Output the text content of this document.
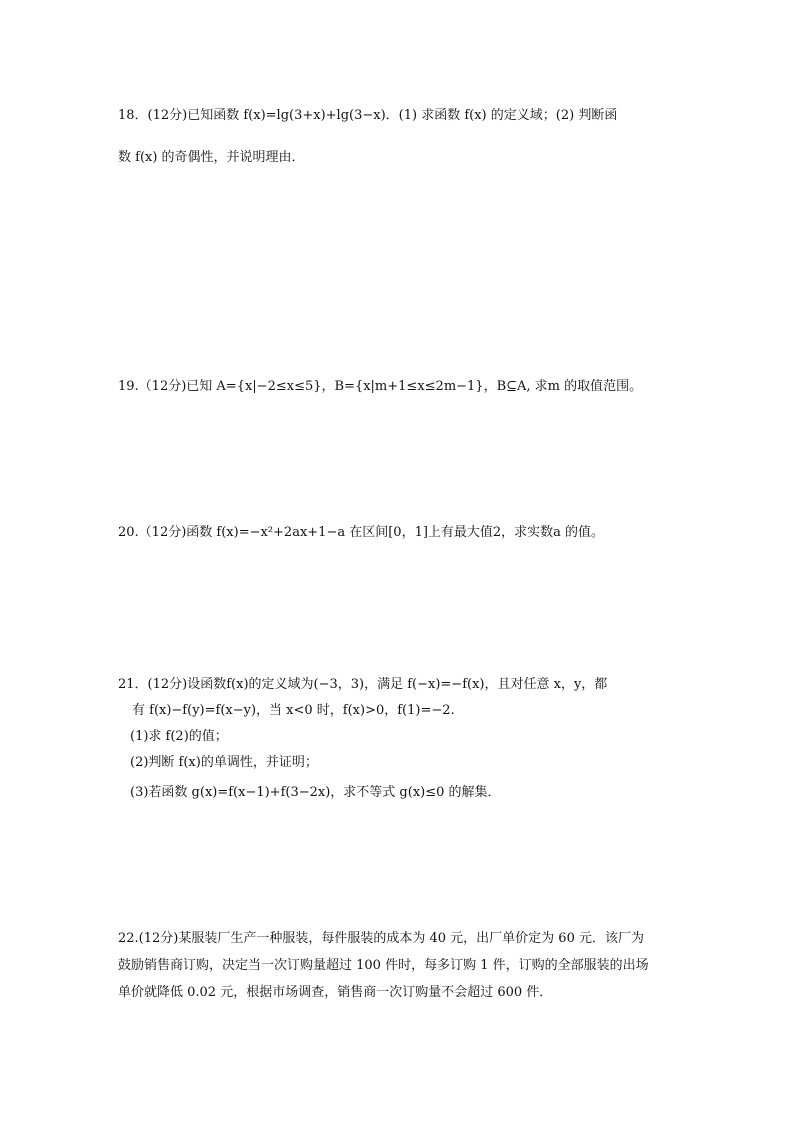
18．(12分)已知函数 f(x)=lg(3+x)+lg(3−x)．(1) 求函数 f(x) 的定义域；(2) 判断函
数 f(x) 的奇偶性，并说明理由．
19.（12分)已知 A={x|−2≤x≤5}，B={x|m+1≤x≤2m−1}，B⊆A, 求m 的取值范围。
20.（12分)函数 f(x)=−x²+2ax+1−a 在区间[0，1]上有最大值2，求实数a 的值。
21．(12分)设函数f(x)的定义域为(−3，3)，满足 f(−x)=−f(x)，且对任意 x，y，都
有 f(x)−f(y)=f(x−y)，当 x<0 时，f(x)>0，f(1)=−2.
(1)求 f(2)的值；
(2)判断 f(x)的单调性，并证明；
(3)若函数 g(x)=f(x−1)+f(3−2x)，求不等式 g(x)≤0 的解集．
22.(12分)某服装厂生产一种服装，每件服装的成本为 40 元，出厂单价定为 60 元．该厂为
鼓励销售商订购，决定当一次订购量超过 100 件时，每多订购 1 件，订购的全部服装的出场
单价就降低 0.02 元，根据市场调查，销售商一次订购量不会超过 600 件．
